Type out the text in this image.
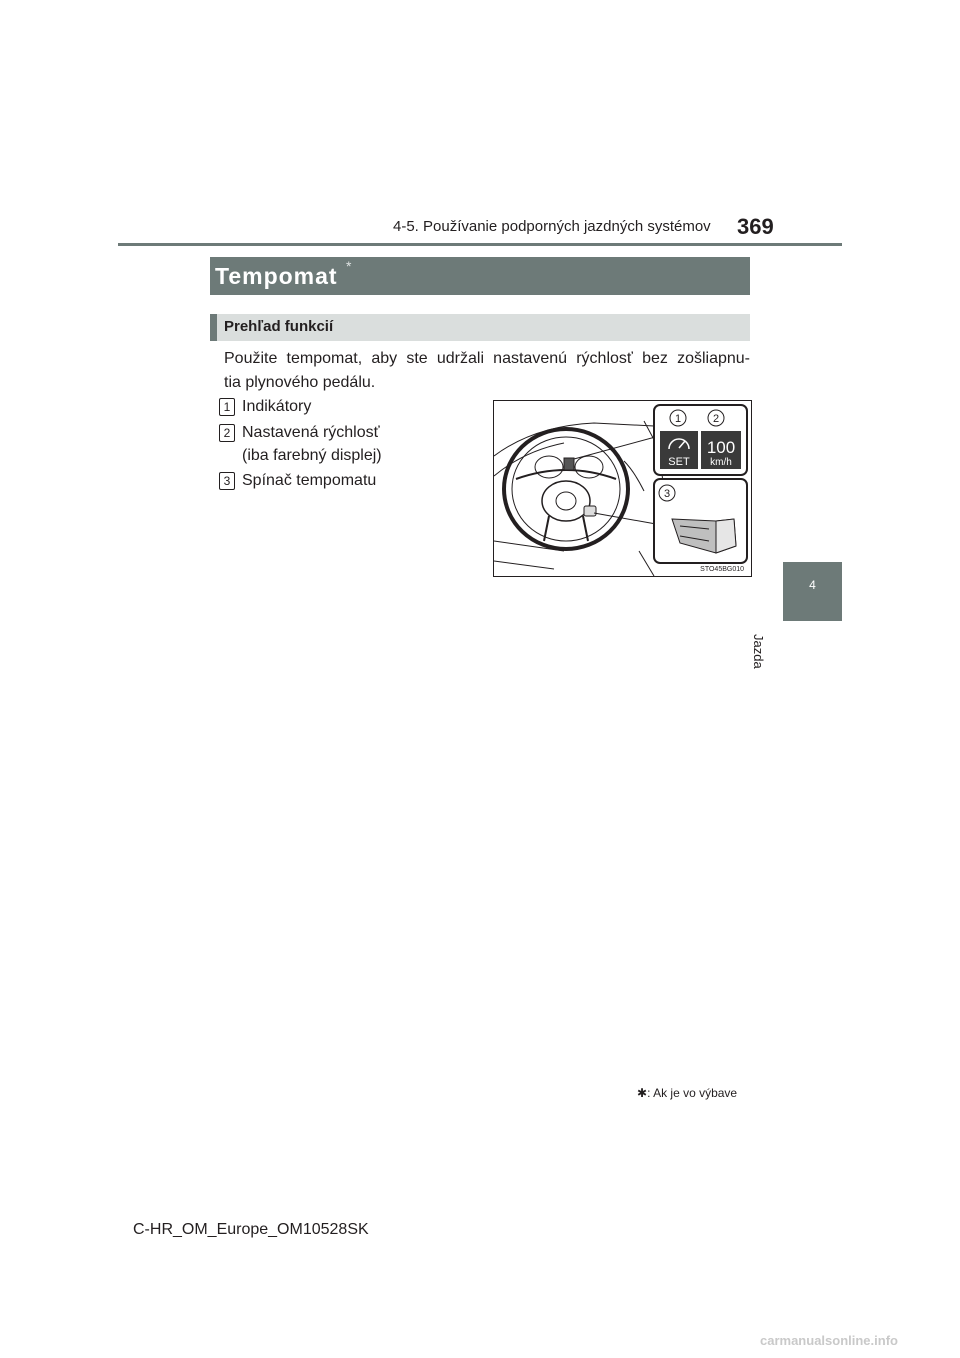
4-5. Používanie podporných jazdných systémov 369
4
Jazda
Tempomat *
Prehľad funkcií
Použite tempomat, aby ste udržali nastavenú rýchlosť bez zošliapnu-
tia plynového pedálu.
1 Indikátory
2 Nastavená rýchlosť
(iba farebný displej)
3 Spínač tempomatu
1	2
SET
100
km/h
3
STO45BG010
✱: Ak je vo výbave
C-HR_OM_Europe_OM10528SK
carmanualsonline.info
